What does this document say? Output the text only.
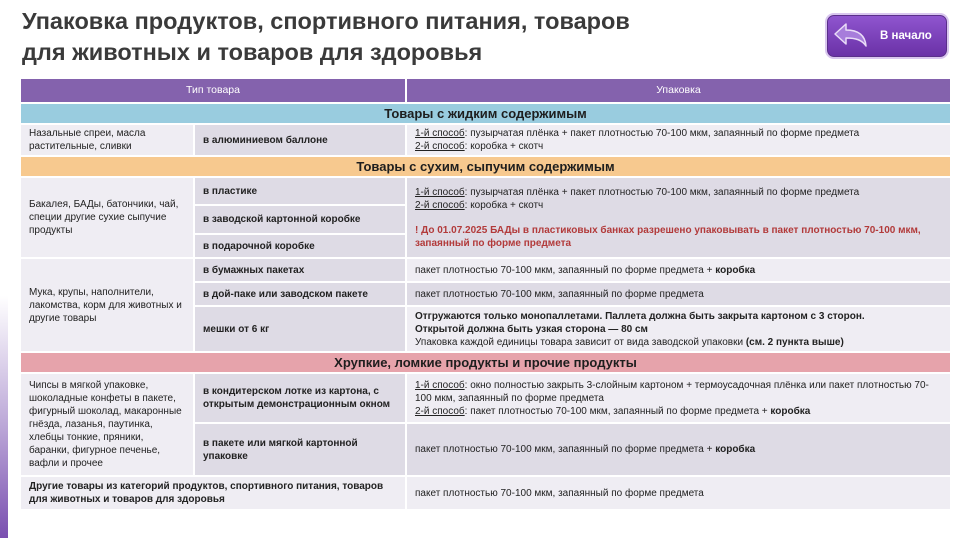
Упаковка продуктов, спортивного питания, товаров
для животных и товаров для здоровья
В начало
Тип товара		Упаковка
Товары с жидким содержимым		
Назальные спреи, масла растительные, сливки	в алюминиевом баллоне	1-й способ: пузырчатая плёнка + пакет плотностью 70-100 мкм, запаянный по форме предмета
2-й способ: коробка + скотч

Товары с сухим, сыпучим содержимым		
Бакалея, БАДы, батончики, чай, специи другие сухие сыпучие продукты	в пластике	1-й способ: пузырчатая плёнка + пакет плотностью 70-100 мкм, запаянный по форме предмета
2-й способ: коробка + скотч
! До 01.07.2025 БАДы в пластиковых банках разрешено упаковывать в пакет плотностью 70-100 мкм, запаянный по форме предмета

	в заводской картонной коробке	
	в подарочной коробке	
Мука, крупы, наполнители, лакомства, корм для животных и другие товары	в бумажных пакетах	пакет плотностью 70-100 мкм, запаянный по форме предмета + коробка
	в дой-паке или заводском пакете	пакет плотностью 70-100 мкм, запаянный по форме предмета
	мешки от 6 кг	Отгружаются только монопаллетами. Паллета должна быть закрыта картоном с 3 сторон.
Открытой должна быть узкая сторона — 80 см
Упаковка каждой единицы товара зависит от вида заводской упаковки (см. 2 пункта выше)

Хрупкие, ломкие продукты и прочие продукты		
Чипсы в мягкой упаковке, шоколадные конфеты в пакете, фигурный шоколад, макаронные гнёзда, лазанья, паутинка, хлебцы тонкие, пряники, баранки, фигурное печенье, вафли и прочее	в кондитерском лотке из картона, с открытым демонстрационным окном	1-й способ: окно полностью закрыть 3-слойным картоном + термоусадочная плёнка или пакет плотностью 70-100 мкм, запаянный по форме предмета
2-й способ: пакет плотностью 70-100 мкм, запаянный по форме предмета + коробка

	в пакете или мягкой картонной упаковке	пакет плотностью 70-100 мкм, запаянный по форме предмета + коробка
Другие товары из категорий продуктов, спортивного питания, товаров для животных и товаров для здоровья		пакет плотностью 70-100 мкм, запаянный по форме предмета
